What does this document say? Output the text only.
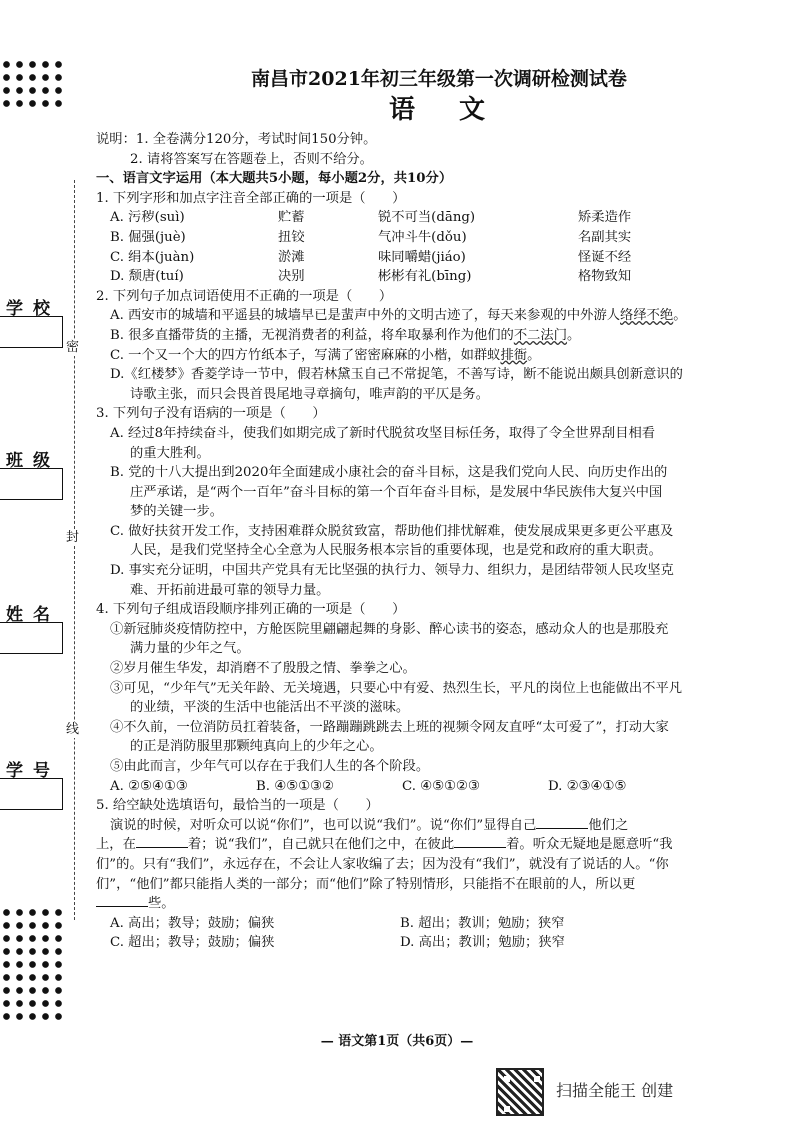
密
封
线
学校
班级
姓名
学号
南昌市2021年初三年级第一次调研检测试卷
语文
说明：1. 全卷满分120分，考试时间150分钟。
2. 请将答案写在答题卷上，否则不给分。
一、语言文字运用（本大题共5小题，每小题2分，共10分）
1. 下列字形和加点字注音全部正确的一项是（　　）
A. 污秽(suì)	贮蓄	锐不可当(dāng)	矫柔造作
B. 倔强(juè)	扭铰	气冲斗牛(dǒu)	名副其实
C. 绢本(juàn)	淤滩	味同嚼蜡(jiáo)	怪诞不经
D. 颓唐(tuí)	决别	彬彬有礼(bīng)	格物致知
2. 下列句子加点词语使用不正确的一项是（　　）
A. 西安市的城墙和平遥县的城墙早已是蜚声中外的文明古迹了，每天来参观的中外游人络绎不绝。
B. 很多直播带货的主播，无视消费者的利益，将牟取暴利作为他们的不二法门。
C. 一个又一个大的四方竹纸本子，写满了密密麻麻的小楷，如群蚁排衙。
D.《红楼梦》香菱学诗一节中，假若林黛玉自己不常捉笔，不善写诗，断不能说出颇具创新意识的
诗歌主张，而只会畏首畏尾地寻章摘句，唯声韵的平仄是务。
3. 下列句子没有语病的一项是（　　）
A. 经过8年持续奋斗，使我们如期完成了新时代脱贫攻坚目标任务，取得了令全世界刮目相看
的重大胜利。
B. 党的十八大提出到2020年全面建成小康社会的奋斗目标，这是我们党向人民、向历史作出的
庄严承诺，是“两个一百年”奋斗目标的第一个百年奋斗目标，是发展中华民族伟大复兴中国
梦的关键一步。
C. 做好扶贫开发工作，支持困难群众脱贫致富，帮助他们排忧解难，使发展成果更多更公平惠及
人民，是我们党坚持全心全意为人民服务根本宗旨的重要体现，也是党和政府的重大职责。
D. 事实充分证明，中国共产党具有无比坚强的执行力、领导力、组织力，是团结带领人民攻坚克
难、开拓前进最可靠的领导力量。
4. 下列句子组成语段顺序排列正确的一项是（　　）
①新冠肺炎疫情防控中，方舱医院里翩翩起舞的身影、醉心读书的姿态，感动众人的也是那股充
满力量的少年之气。
②岁月催生华发，却消磨不了殷殷之情、拳拳之心。
③可见，“少年气”无关年龄、无关境遇，只要心中有爱、热烈生长，平凡的岗位上也能做出不平凡
的业绩，平淡的生活中也能活出不平淡的滋味。
④不久前，一位消防员扛着装备，一路蹦蹦跳跳去上班的视频令网友直呼“太可爱了”，打动大家
的正是消防服里那颗纯真向上的少年之心。
⑤由此而言，少年气可以存在于我们人生的各个阶段。
A. ②⑤④①③	B. ④⑤①③②	C. ④⑤①②③	D. ②③④①⑤
5. 给空缺处选填语句，最恰当的一项是（　　）
演说的时候，对听众可以说“你们”，也可以说“我们”。说“你们”显得自己	他们之
上，在	着；说“我们”，自己就只在他们之中，在彼此	着。听众无疑地是愿意听“我
们”的。只有“我们”，永远存在，不会让人家收编了去；因为没有“我们”，就没有了说话的人。“你
们”，“他们”都只能指人类的一部分；而“他们”除了特别情形，只能指不在眼前的人，所以更
些。
A. 高出；教导；鼓励；偏狭	B. 超出；教训；勉励；狭窄
C. 超出；教导；鼓励；偏狭	D. 高出；教训；勉励；狭窄
— 语文第1页（共6页）—
扫描全能王 创建
